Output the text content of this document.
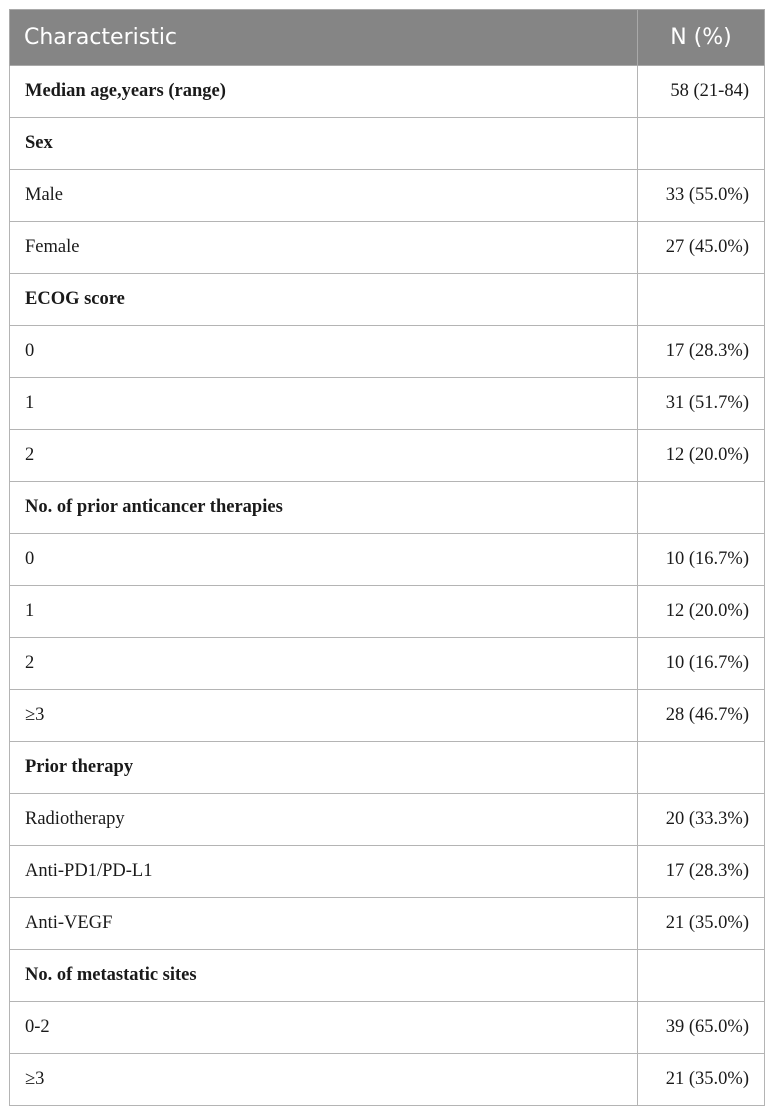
Characteristic	N (%)
Median age,years (range)	58 (21-84)
Sex	
Male	33 (55.0%)
Female	27 (45.0%)
ECOG score	
0	17 (28.3%)
1	31 (51.7%)
2	12 (20.0%)
No. of prior anticancer therapies	
0	10 (16.7%)
1	12 (20.0%)
2	10 (16.7%)
≥3	28 (46.7%)
Prior therapy	
Radiotherapy	20 (33.3%)
Anti-PD1/PD-L1	17 (28.3%)
Anti-VEGF	21 (35.0%)
No. of metastatic sites	
0-2	39 (65.0%)
≥3	21 (35.0%)
